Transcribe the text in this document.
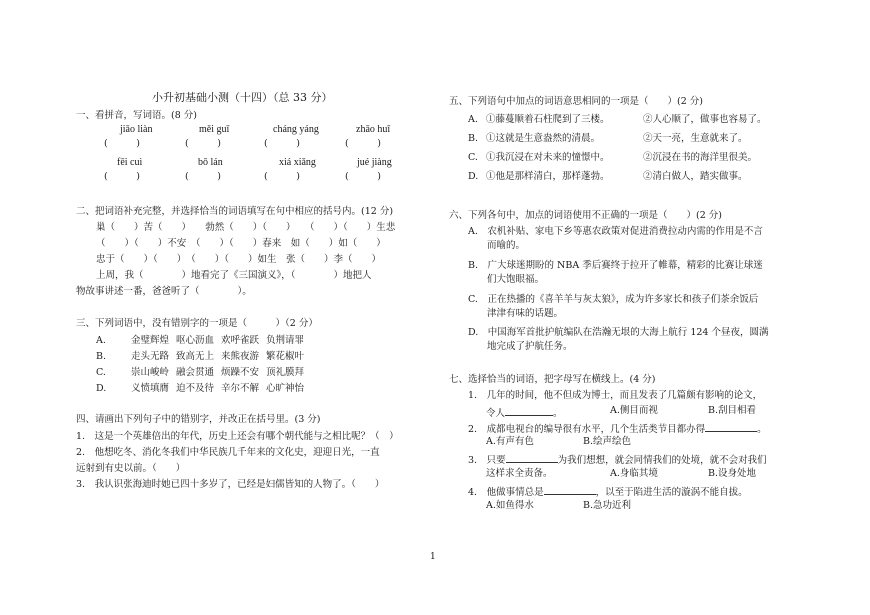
小升初基础小测（十四）（总 33 分）
一、看拼音，写词语。(8 分)
jiāo liàn	měi guī	cháng yáng	zhāo huī
(　　　)	(　　　)	(　　　)	(　　　)
fēi cuì	bō lán	xiá xiǎng	jué jiàng
(　　　)	(　　　)	(　　　)	(　　　)
二、把词语补充完整，并选择恰当的词语填写在句中相应的括号内。(12 分)
巢（　　）苦（　　）　　勃然（　　）（　　）　　（　　）（　　）生悲
（　　）（　　）不安　（　　）（　　）春来　如（　　）如（　　）
忠于（　　）（　　）　（　　）（　　）如生　张（　　）李（　　）
上周，我（　　　　）地看完了《三国演义》，（　　　　）地把人
物故事讲述一番，爸爸听了（　　　　）。
三、下列词语中，没有错别字的一项是（　　　）（2 分）
A.	金璧辉煌 呕心沥血 欢呼雀跃 负荆请罪
B.	走头无路 致高无上 来熊夜游 繁花椒叶
C.	崇山峻岭 融会贯通 烦躁不安 顶礼膜拜
D.	义愤填膺 迫不及待 辛尔不解 心旷神怡
四、请画出下列句子中的错别字，并改正在括号里。(3 分)
1.　这是一个英雄倍出的年代，历史上还会有哪个朝代能与之相比呢？（　）
2.　他想吃冬、消化冬我们中华民族几千年来的文化史，迎迎日光，一直
远射到有史以前。（　　）
3.　我认识张海迪时她已四十多岁了，已经是妇儒皆知的人物了。（　　）
五、下列语句中加点的词语意思相同的一项是（　　）(2 分)
A. ①藤蔓顺着石柱爬到了三楼。	②人心顺了，做事也容易了。
B. ①这就是生意盎然的清晨。	②天一亮，生意就来了。
C. ①我沉浸在对未来的憧憬中。	②沉浸在书的海洋里很美。
D. ①他是那样清白，那样蓬勃。	②清白做人，踏实做事。
六、下列各句中，加点的词语使用不正确的一项是（　　）(2 分)
A.　农机补贴、家电下乡等惠农政策对促进消费拉动内需的作用是不言
　　而喻的。
B.　广大球迷期盼的 NBA 季后赛终于拉开了帷幕，精彩的比赛让球迷
　　们大饱眼福。
C.　正在热播的《喜羊羊与灰太狼》，成为许多家长和孩子们茶余饭后
　　津津有味的话题。
D.　中国海军首批护航编队在浩瀚无垠的大海上航行 124 个昼夜，圆满
　　地完成了护航任务。
七、选择恰当的词语，把字母写在横线上。(4 分)
1.　几年的时间，他不但成为博士，而且发表了几篇颇有影响的论文，
令人	。	A.侧目而视	B.刮目相看
2.　成都电视台的编导很有水平，几个生活类节目都办得	。
A.有声有色	B.绘声绘色
3.　只要	为我们想想，就会同情我们的处境，就不会对我们
这样求全责备。	A.身临其境	B.设身处地
4.　他做事情总是	，以至于陷进生活的漩涡不能自拔。
A.如鱼得水	B.急功近利
1
